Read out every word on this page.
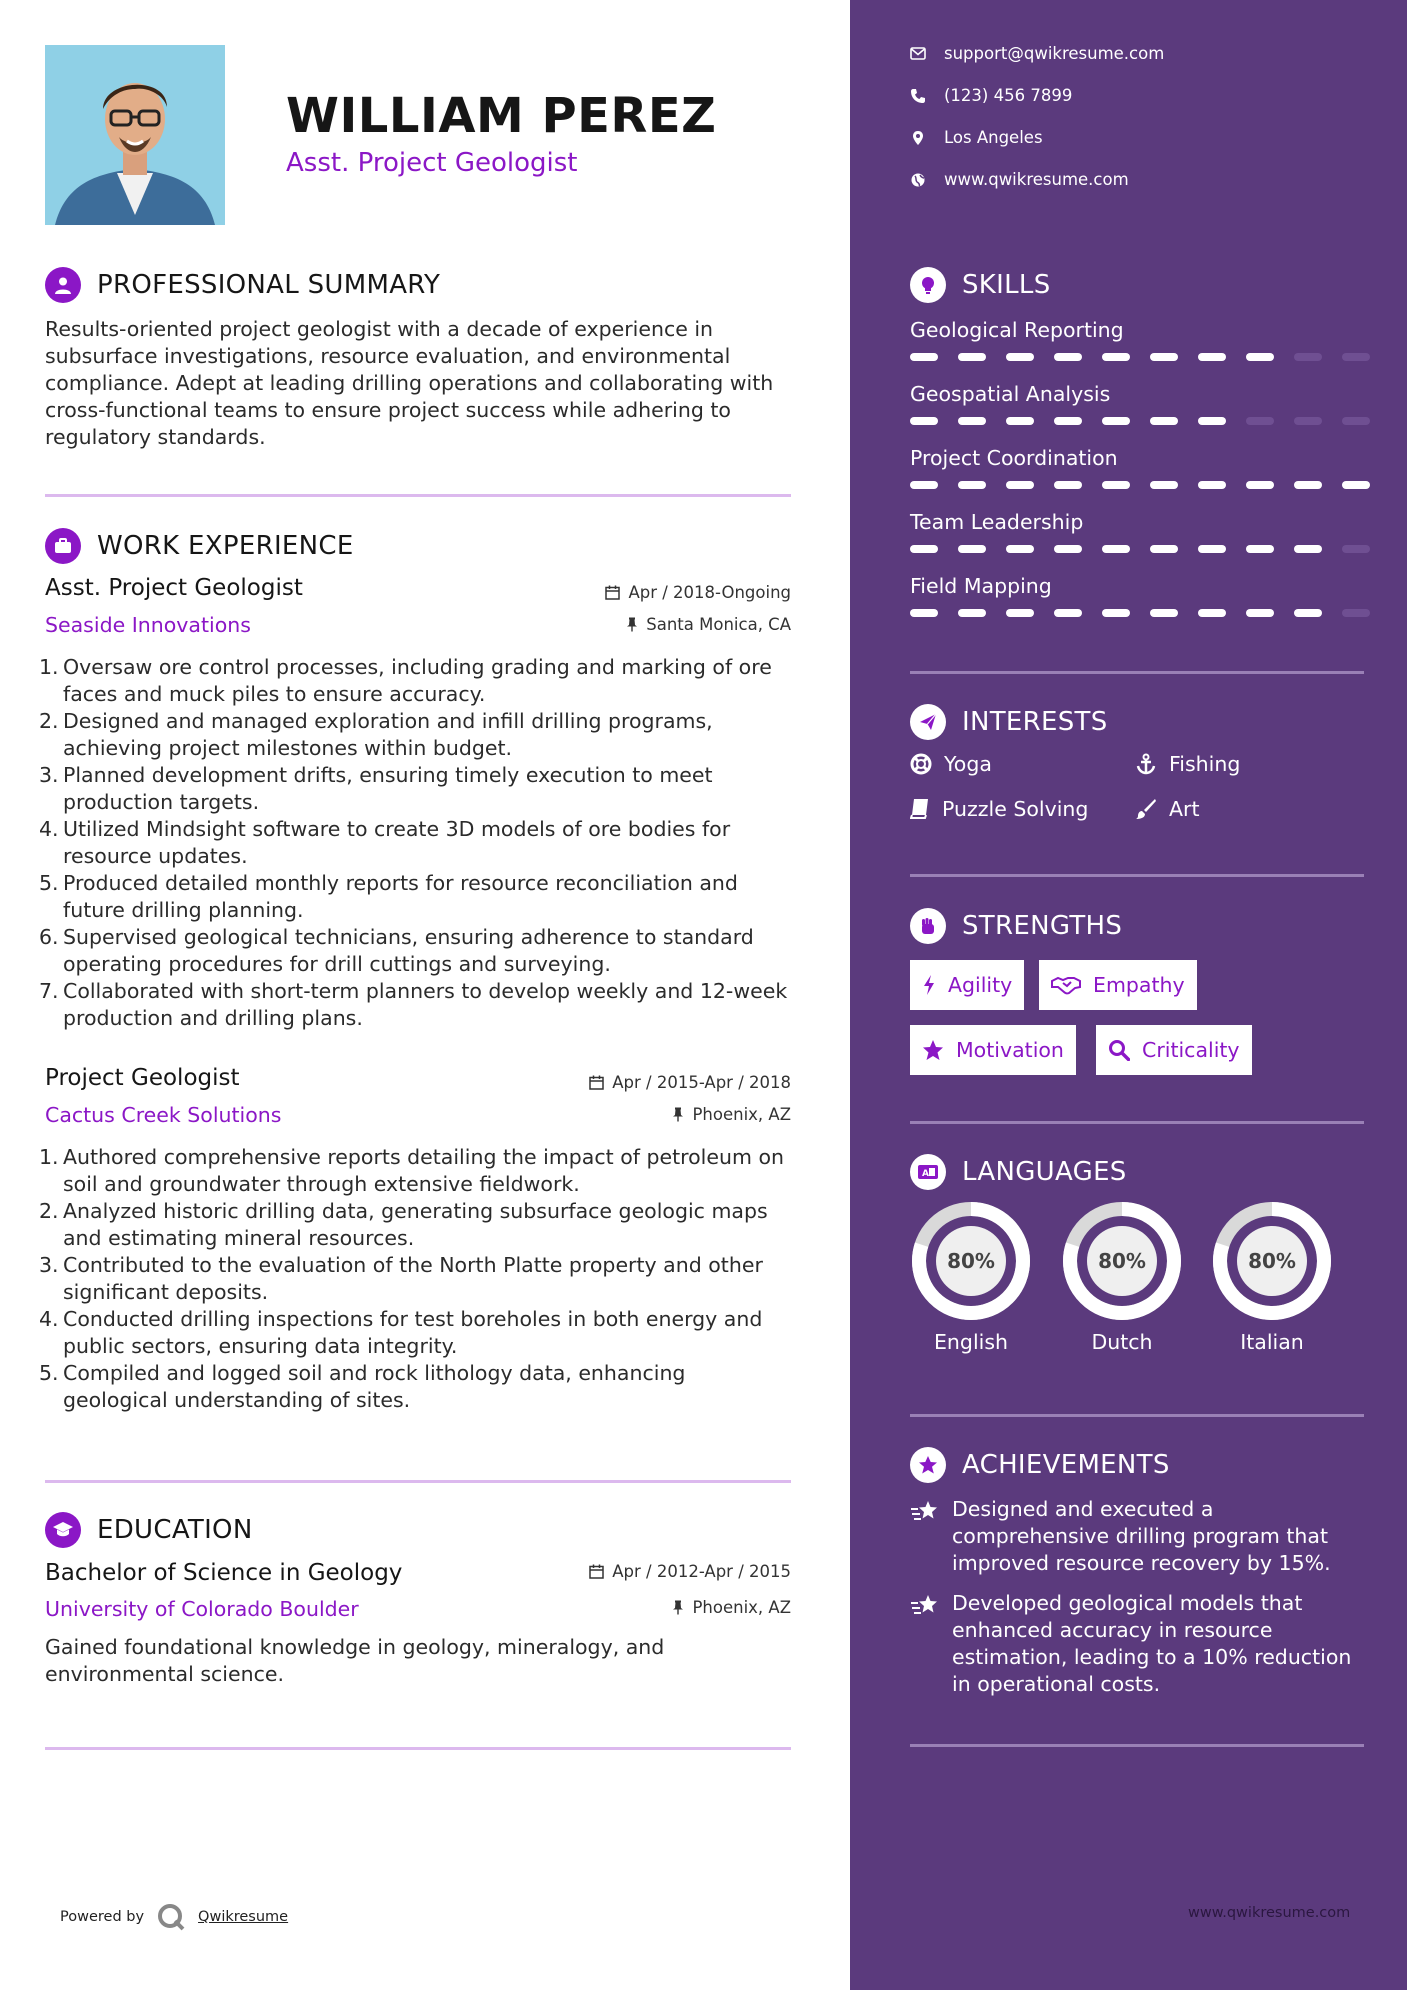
WILLIAM PEREZ
Asst. Project Geologist
PROFESSIONAL SUMMARY
Results-oriented project geologist with a decade of experience in subsurface investigations, resource evaluation, and environmental compliance. Adept at leading drilling operations and collaborating with cross-functional teams to ensure project success while adhering to regulatory standards.
WORK EXPERIENCE
Asst. Project Geologist	Apr / 2018-Ongoing
Seaside Innovations	Santa Monica, CA
1. Oversaw ore control processes, including grading and marking of ore faces and muck piles to ensure accuracy.
2. Designed and managed exploration and infill drilling programs, achieving project milestones within budget.
3. Planned development drifts, ensuring timely execution to meet production targets.
4. Utilized Mindsight software to create 3D models of ore bodies for resource updates.
5. Produced detailed monthly reports for resource reconciliation and future drilling planning.
6. Supervised geological technicians, ensuring adherence to standard operating procedures for drill cuttings and surveying.
7. Collaborated with short-term planners to develop weekly and 12-week production and drilling plans.
Project Geologist	Apr / 2015-Apr / 2018
Cactus Creek Solutions	Phoenix, AZ
1. Authored comprehensive reports detailing the impact of petroleum on soil and groundwater through extensive fieldwork.
2. Analyzed historic drilling data, generating subsurface geologic maps and estimating mineral resources.
3. Contributed to the evaluation of the North Platte property and other significant deposits.
4. Conducted drilling inspections for test boreholes in both energy and public sectors, ensuring data integrity.
5. Compiled and logged soil and rock lithology data, enhancing geological understanding of sites.
EDUCATION
Bachelor of Science in Geology	Apr / 2012-Apr / 2015
University of Colorado Boulder	Phoenix, AZ
Gained foundational knowledge in geology, mineralogy, and environmental science.
Powered by	Qwikresume
support@qwikresume.com
(123) 456 7899
Los Angeles
www.qwikresume.com
SKILLS
Geological Reporting
Geospatial Analysis
Project Coordination
Team Leadership
Field Mapping
INTERESTS
Yoga	Fishing
Puzzle Solving	Art
STRENGTHS
Agility	Empathy
Motivation	Criticality
A LANGUAGES
80%
English
80%
Dutch
80%
Italian
ACHIEVEMENTS
Designed and executed a comprehensive drilling program that improved resource recovery by 15%.
Developed geological models that enhanced accuracy in resource estimation, leading to a 10% reduction in operational costs.
www.qwikresume.com
